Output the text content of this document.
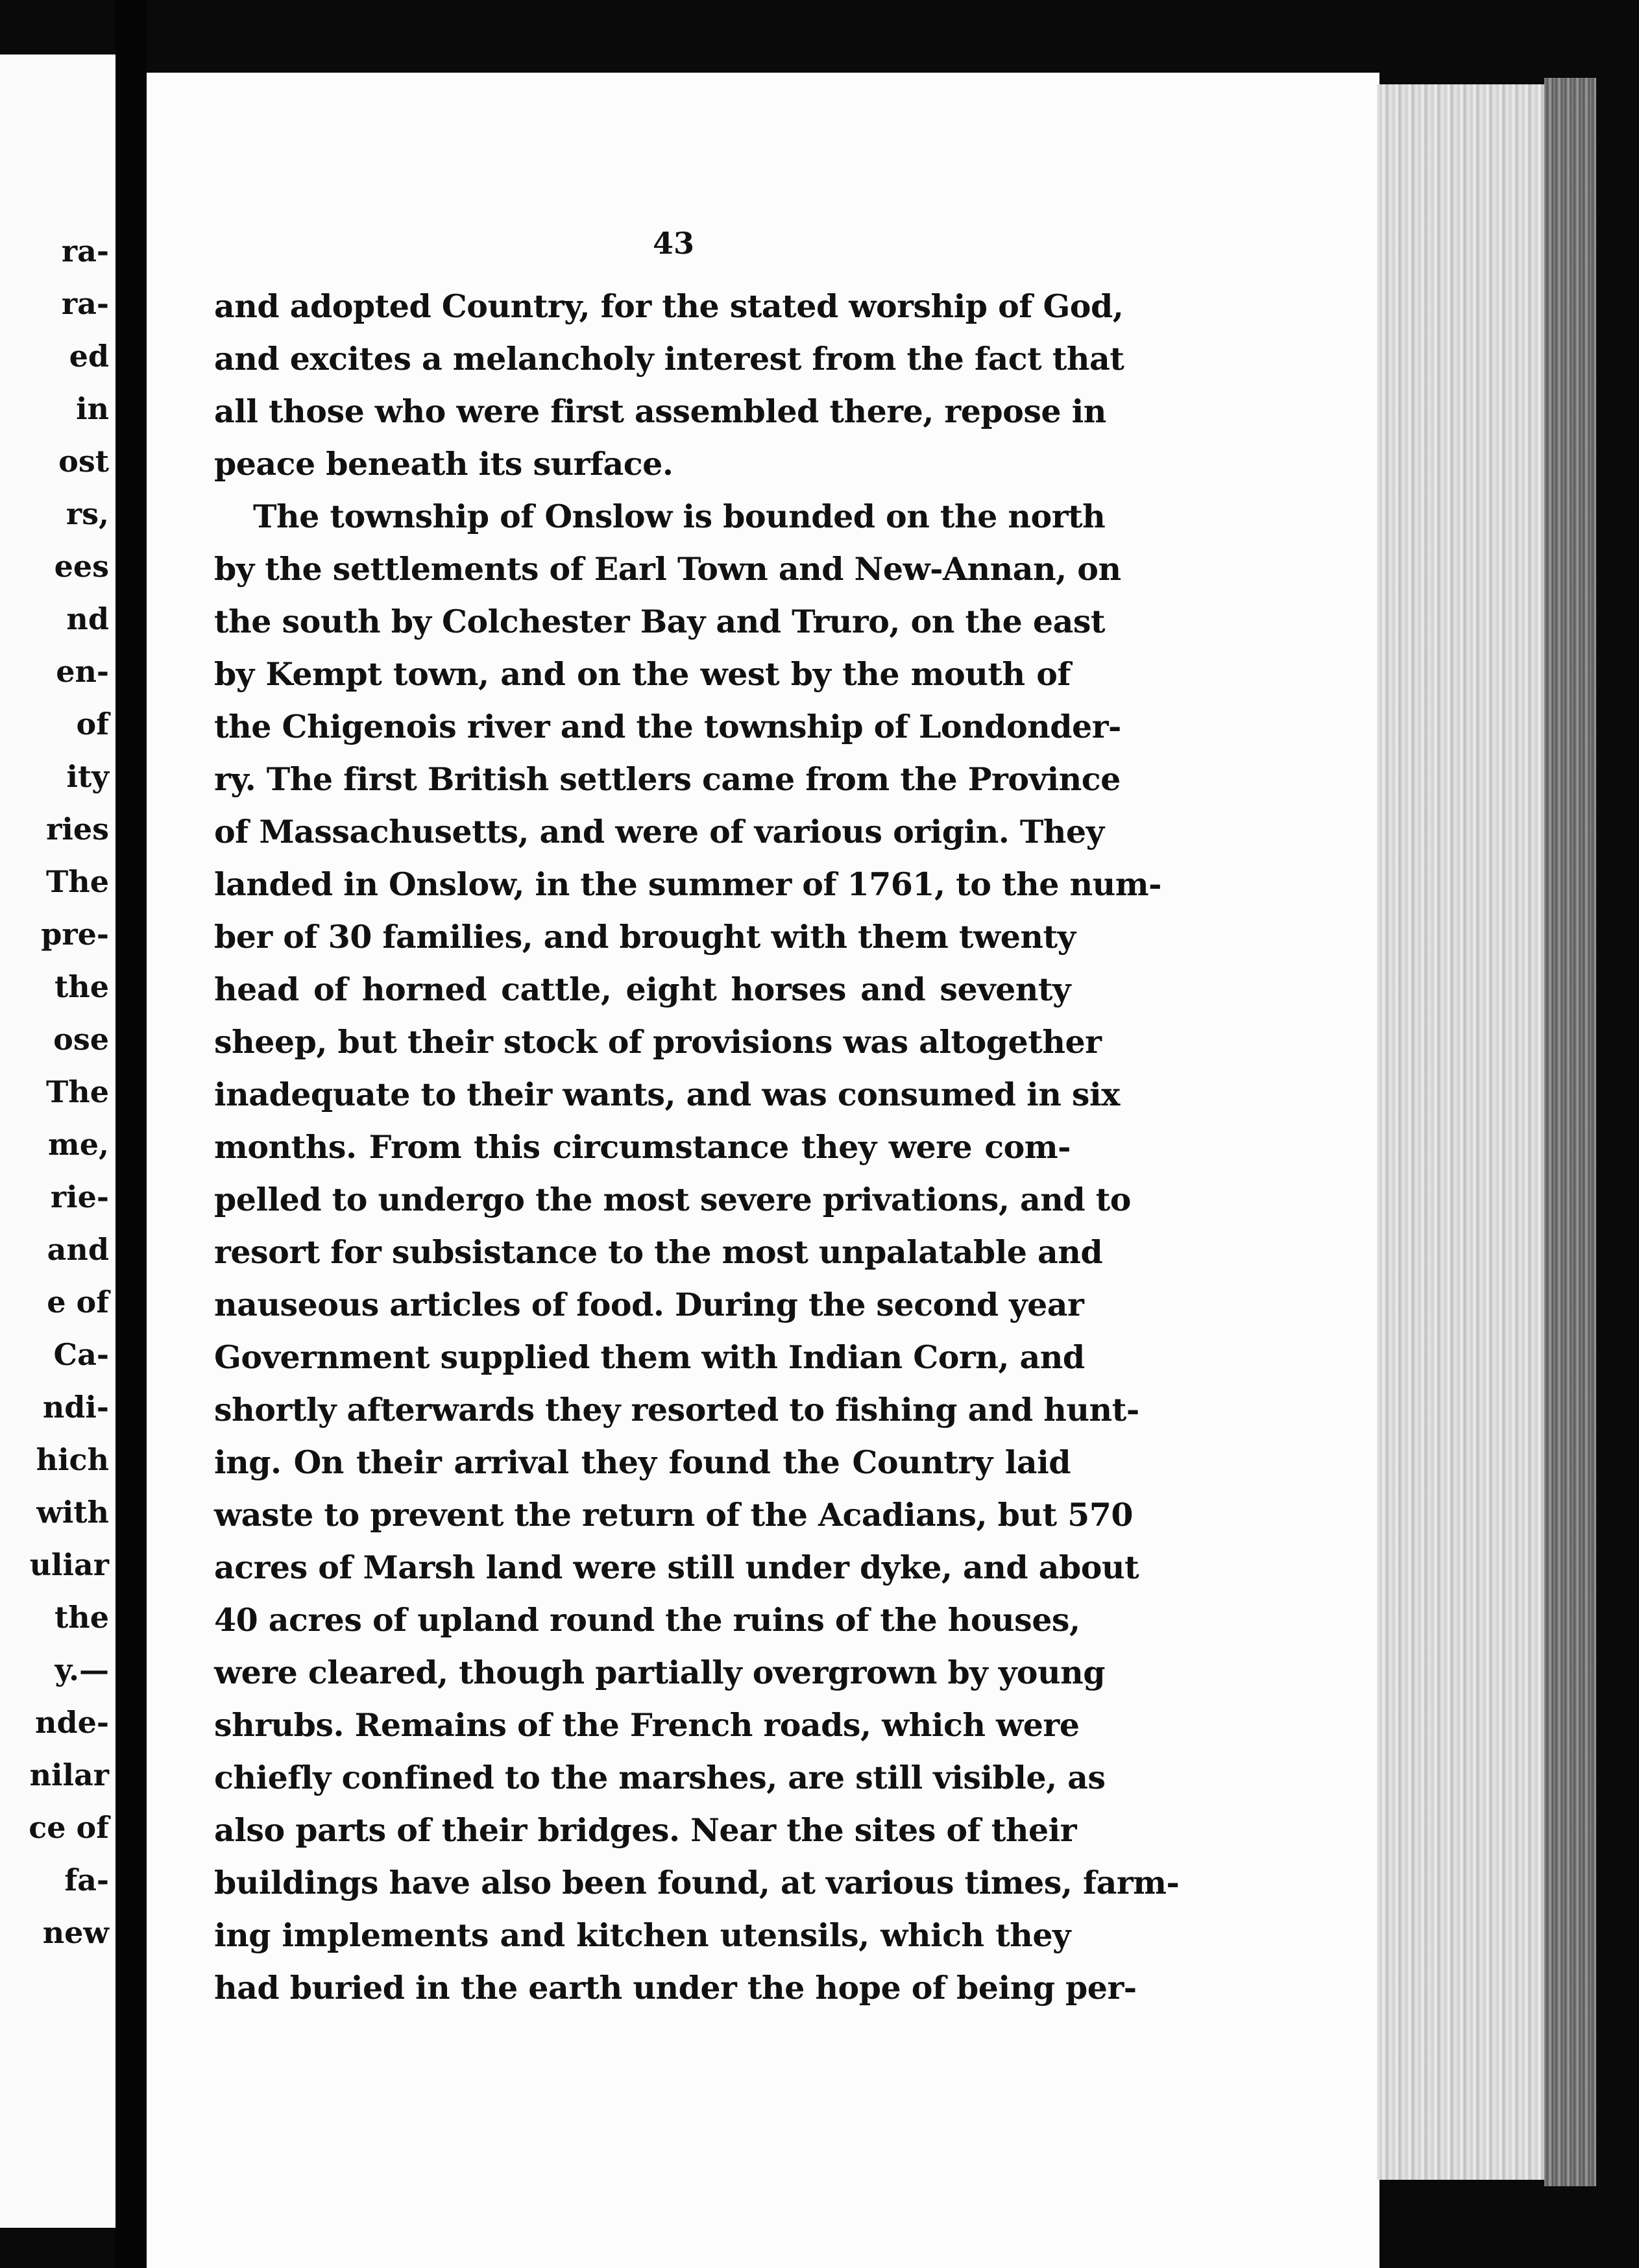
ra-
ra-
ed
in
ost
rs,
ees
nd
en-
of
ity
ries
The
pre-
the
ose
The
me,
rie-
and
e of
Ca-
ndi-
hich
with
uliar
the
y.—
nde-
nilar
ce of
fa-
new
43
and adopted Country, for the stated worship of God,
and excites a melancholy interest from the fact that
all those who were first assembled there, repose in
peace beneath its surface.
The township of Onslow is bounded on the north
by the settlements of Earl Town and New-Annan, on
the south by Colchester Bay and Truro, on the east
by Kempt town, and on the west by the mouth of
the Chigenois river and the township of Londonder-
ry. The first British settlers came from the Province
of Massachusetts, and were of various origin. They
landed in Onslow, in the summer of 1761, to the num-
ber of 30 families, and brought with them twenty
head of horned cattle, eight horses and seventy
sheep, but their stock of provisions was altogether
inadequate to their wants, and was consumed in six
months. From this circumstance they were com-
pelled to undergo the most severe privations, and to
resort for subsistance to the most unpalatable and
nauseous articles of food. During the second year
Government supplied them with Indian Corn, and
shortly afterwards they resorted to fishing and hunt-
ing. On their arrival they found the Country laid
waste to prevent the return of the Acadians, but 570
acres of Marsh land were still under dyke, and about
40 acres of upland round the ruins of the houses,
were cleared, though partially overgrown by young
shrubs. Remains of the French roads, which were
chiefly confined to the marshes, are still visible, as
also parts of their bridges. Near the sites of their
buildings have also been found, at various times, farm-
ing implements and kitchen utensils, which they
had buried in the earth under the hope of being per-
